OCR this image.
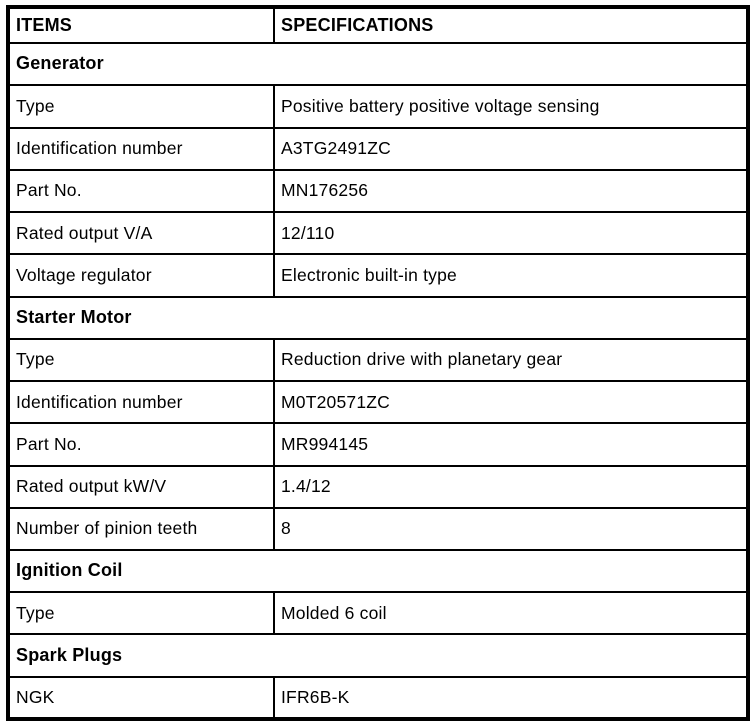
ITEMS	SPECIFICATIONS
Generator	
Type	Positive battery positive voltage sensing
Identification number	A3TG2491ZC
Part No.	MN176256
Rated output V/A	12/110
Voltage regulator	Electronic built-in type
Starter Motor	
Type	Reduction drive with planetary gear
Identification number	M0T20571ZC
Part No.	MR994145
Rated output kW/V	1.4/12
Number of pinion teeth	8
Ignition Coil	
Type	Molded 6 coil
Spark Plugs	
NGK	IFR6B-K
